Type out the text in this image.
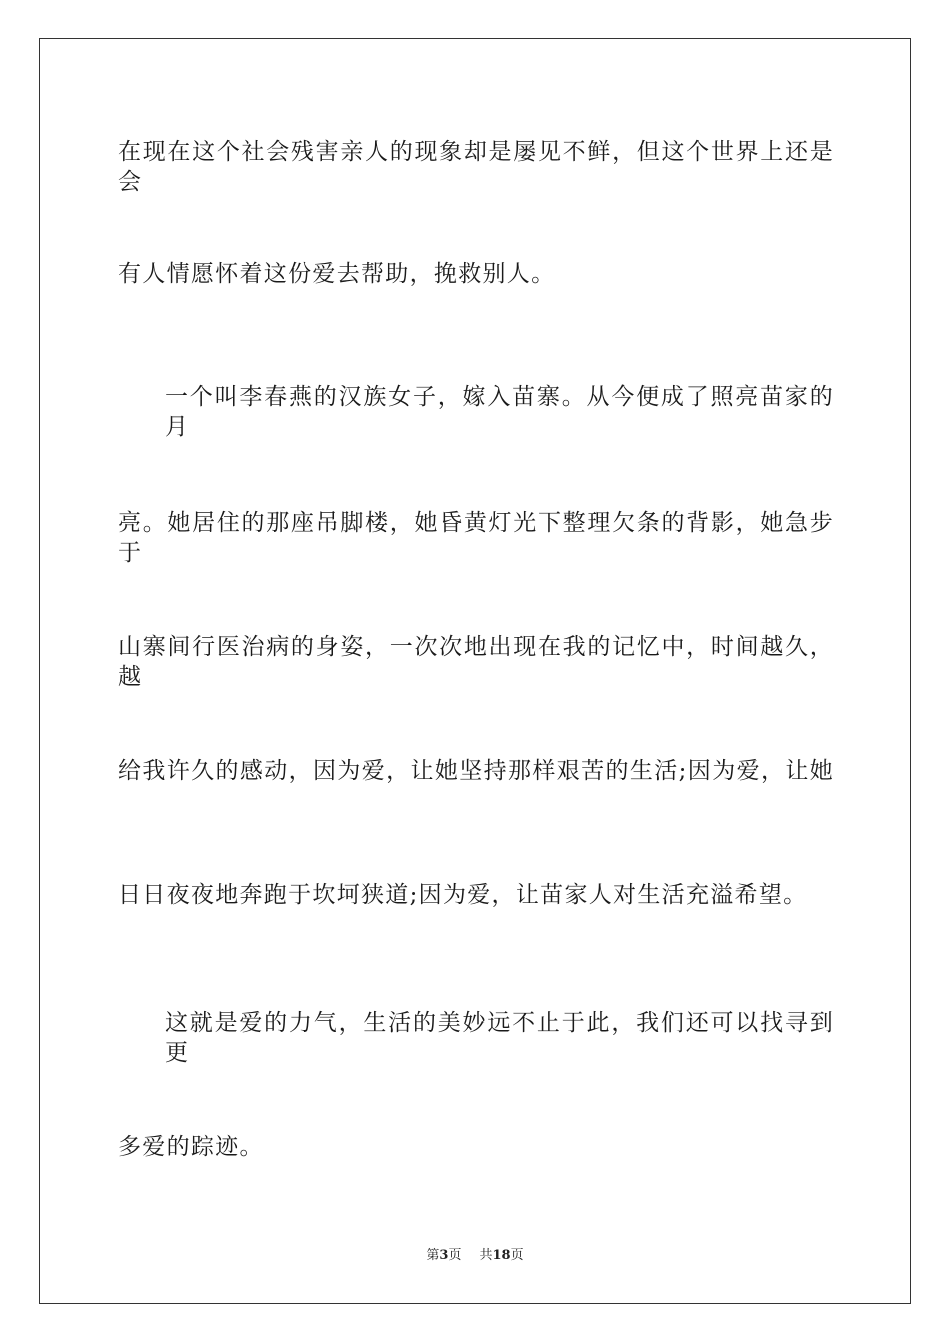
在现在这个社会残害亲人的现象却是屡见不鲜，但这个世界上还是会
有人情愿怀着这份爱去帮助，挽救别人。
一个叫李春燕的汉族女子，嫁入苗寨。从今便成了照亮苗家的月
亮。她居住的那座吊脚楼，她昏黄灯光下整理欠条的背影，她急步于
山寨间行医治病的身姿，一次次地出现在我的记忆中，时间越久，越
给我许久的感动，因为爱，让她坚持那样艰苦的生活;因为爱，让她
日日夜夜地奔跑于坎坷狭道;因为爱，让苗家人对生活充溢希望。
这就是爱的力气，生活的美妙远不止于此，我们还可以找寻到更
多爱的踪迹。
第3页 共18页
